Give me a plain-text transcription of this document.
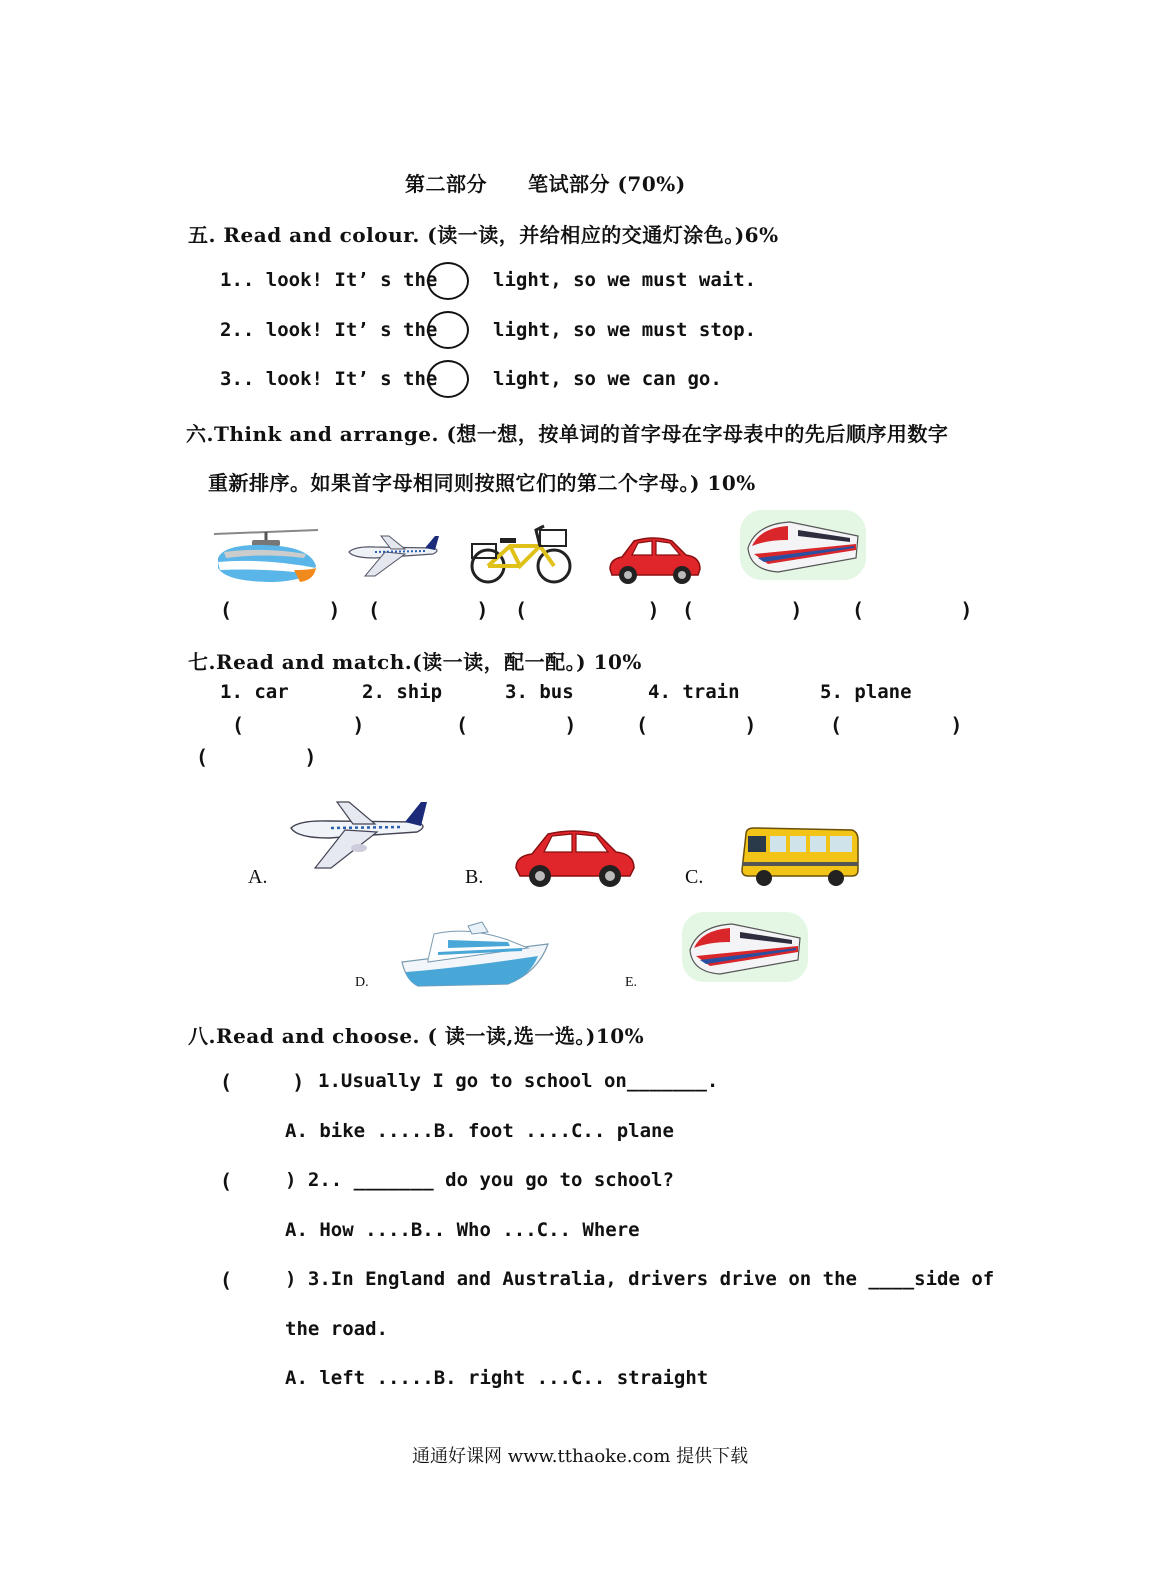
第二部分　　笔试部分 (70%)
五. Read and colour. (读一读，并给相应的交通灯涂色。)6%
1.. look! It’ s the	light, so we must wait.
2.. look! It’ s the	light, so we must stop.
3.. look! It’ s the	light, so we can go.
六.Think and arrange. (想一想，按单词的首字母在字母表中的先后顺序用数字
重新排序。如果首字母相同则按照它们的第二个字母。) 10%
(        ) (        ) (          ) (        ) (        )
七.Read and match.(读一读，配一配。) 10%
1. car	2. ship	3. bus	4. train	5. plane
(         )	(        )	(        )	(         )
(        )
A.	B.	C.
D.	E.
八.Read and choose. ( 读一读,选一选。)10%
(     ) 1.Usually I go to school on_______.
A. bike .....B. foot ....C.. plane
( ) 2.. _______ do you go to school?
A. How ....B.. Who ...C.. Where
( ) 3.In England and Australia, drivers drive on the ____side of
the road.
A. left .....B. right ...C.. straight
通通好课网 www.tthaoke.com 提供下载
